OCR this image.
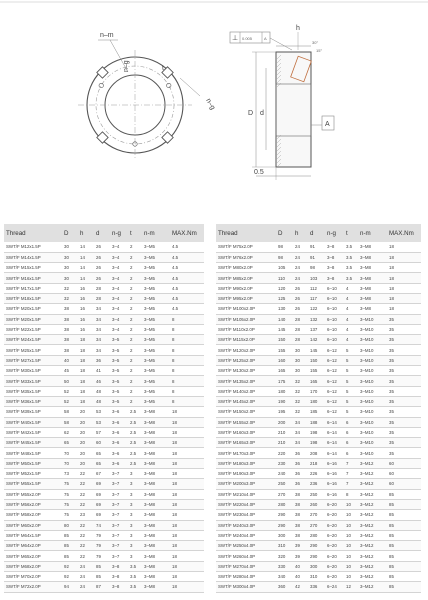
n–m
n–g	t
n–g
⊥ 0.005	A
h
30°
15°
D d
A
0.5
Thread	D	h	d	n-g	t	n-m	MAX.Nm
SWT/F M12x1.5P	30	14	26	3–4	2	3–M5	4.5
SWT/F M14x1.5P	30	14	26	3–4	2	3–M5	4.5
SWT/F M15x1.5P	30	14	26	3–4	2	3–M5	4.5
SWT/F M16x1.5P	30	14	26	3–4	2	3–M5	4.5
SWT/F M17x1.5P	32	16	28	3–4	2	3–M5	4.5
SWT/F M18x1.5P	32	16	28	3–4	2	3–M5	4.5
SWT/F M20x1.5P	38	16	34	3–4	2	3–M5	4.5
SWT/F M20x1.5P	38	16	34	3–4	2	3–M5	8
SWT/F M22x1.5P	38	16	34	3–4	2	3–M5	8
SWT/F M24x1.5P	38	18	34	3–5	2	3–M5	8
SWT/F M25x1.5P	38	18	34	3–5	2	3–M5	8
SWT/F M27x1.5P	40	18	36	3–5	2	3–M5	8
SWT/F M30x1.5P	45	18	41	3–5	2	3–M5	8
SWT/F M33x1.5P	50	18	46	3–5	2	3–M5	8
SWT/F M35x1.5P	52	18	48	3–5	2	3–M5	8
SWT/F M36x1.5P	52	18	48	3–5	2	3–M5	8
SWT/F M39x1.5P	58	20	53	3–6	2.5	3–M8	18
SWT/F M40x1.5P	58	20	53	3–6	2.5	3–M8	18
SWT/F M42x1.5P	62	20	57	3–6	2.5	3–M8	18
SWT/F M45x1.5P	65	20	60	3–6	2.5	3–M8	18
SWT/F M48x1.5P	70	20	65	3–6	2.5	3–M8	18
SWT/F M50x1.5P	70	20	65	3–6	2.5	3–M8	18
SWT/F M52x1.5P	73	22	67	3–7	3	3–M8	18
SWT/F M55x1.5P	75	22	69	3–7	3	3–M8	18
SWT/F M55x2.0P	75	22	69	3–7	3	3–M8	18
SWT/F M56x2.0P	75	22	69	3–7	3	3–M8	18
SWT/F M58x2.0P	75	23	69	3–7	3	3–M8	18
SWT/F M60x2.0P	80	22	74	3–7	3	3–M8	18
SWT/F M64x1.5P	85	22	79	3–7	3	3–M8	18
SWT/F M64x2.0P	85	22	79	3–7	3	3–M8	18
SWT/F M65x2.0P	85	22	79	3–7	3	3–M8	18
SWT/F M68x2.0P	92	24	85	3–8	3.5	3–M8	18
SWT/F M70x2.0P	92	24	85	3–8	3.5	3–M8	18
SWT/F M72x2.0P	94	24	87	3–8	3.5	3–M8	18
Thread	D	h	d	n-g	t	n-m	MAX.Nm
SWT/F M75x2.0P	98	24	91	3–8	3.5	3–M8	18
SWT/F M76x2.0P	98	24	91	3–8	3.5	3–M8	18
SWT/F M80x2.0P	105	24	98	3–8	3.5	3–M8	18
SWT/F M85x2.0P	110	24	103	3–8	3.5	3–M8	18
SWT/F M90x2.0P	120	26	112	6–10	4	3–M8	18
SWT/F M95x2.0P	125	26	117	6–10	4	3–M8	18
SWT/F M100x2.0P	130	26	122	6–10	4	3–M8	18
SWT/F M105x2.0P	140	28	132	6–10	4	3–M10	35
SWT/F M110x2.0P	145	28	137	6–10	4	3–M10	35
SWT/F M115x2.0P	150	28	142	6–10	4	3–M10	35
SWT/F M120x2.0P	155	30	145	6–12	5	3–M10	35
SWT/F M125x2.0P	160	30	150	6–12	5	3–M10	35
SWT/F M130x2.0P	165	30	155	6–12	5	3–M10	35
SWT/F M135x2.0P	175	32	165	6–12	5	3–M10	35
SWT/F M140x2.0P	180	32	170	6–12	5	3–M10	35
SWT/F M145x2.0P	190	32	180	6–12	5	3–M10	35
SWT/F M150x2.0P	195	32	185	6–12	5	3–M10	35
SWT/F M155x2.0P	200	34	188	6–14	6	3–M10	35
SWT/F M160x3.0P	210	34	198	6–14	6	3–M10	35
SWT/F M165x3.0P	210	34	198	6–14	6	3–M10	35
SWT/F M170x3.0P	220	36	208	6–14	6	3–M10	35
SWT/F M180x3.0P	230	36	218	6–16	7	3–M12	60
SWT/F M190x3.0P	240	36	226	6–16	7	3–M12	60
SWT/F M200x3.0P	250	36	236	6–16	7	3–M12	60
SWT/F M210x4.0P	270	38	250	6–16	8	3–M12	85
SWT/F M220x4.0P	280	38	260	6–20	10	3–M12	85
SWT/F M230x4.0P	290	38	270	6–20	10	3–M12	85
SWT/F M240x3.0P	290	38	270	6–20	10	3–M12	85
SWT/F M240x4.0P	300	38	280	6–20	10	3–M12	85
SWT/F M250x4.0P	310	39	290	6–20	10	3–M12	85
SWT/F M260x4.0P	320	39	290	6–20	10	3–M12	85
SWT/F M270x4.0P	330	40	300	6–20	10	3–M12	85
SWT/F M280x4.0P	340	40	310	6–20	10	3–M12	85
SWT/F M300x4.0P	360	42	336	6–24	12	3–M12	85
